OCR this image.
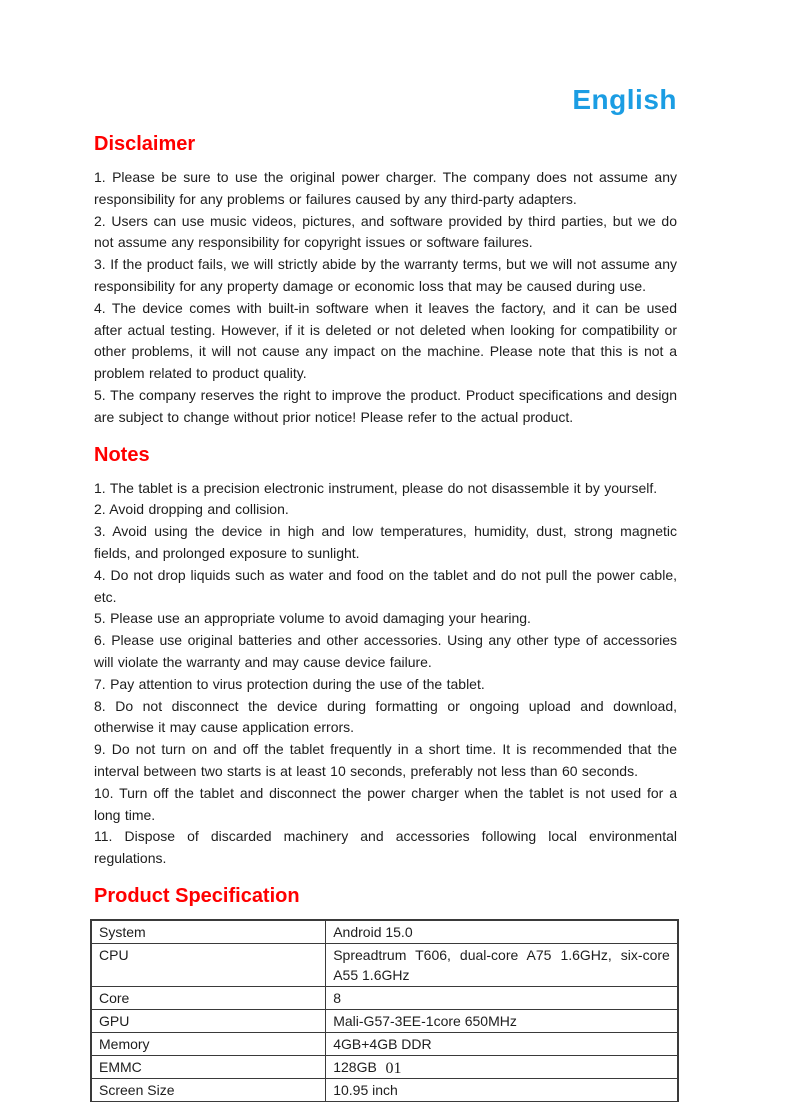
English
Disclaimer

1. Please be sure to use the original power charger. The company does not assume any responsibility for any problems or failures caused by any third-party adapters.

2. Users can use music videos, pictures, and software provided by third parties, but we do not assume any responsibility for copyright issues or software failures.

3. If the product fails, we will strictly abide by the warranty terms, but we will not assume any responsibility for any property damage or economic loss that may be caused during use.

4. The device comes with built-in software when it leaves the factory, and it can be used after actual testing. However, if it is deleted or not deleted when looking for compatibility or other problems, it will not cause any impact on the machine. Please note that this is not a problem related to product quality.

5. The company reserves the right to improve the product. Product specifications and design are subject to change without prior notice! Please refer to the actual product.

Notes

1. The tablet is a precision electronic instrument, please do not disassemble it by yourself.

2. Avoid dropping and collision.

3. Avoid using the device in high and low temperatures, humidity, dust, strong magnetic fields, and prolonged exposure to sunlight.

4. Do not drop liquids such as water and food on the tablet and do not pull the power cable, etc.

5. Please use an appropriate volume to avoid damaging your hearing.

6. Please use original batteries and other accessories. Using any other type of accessories will violate the warranty and may cause device failure.

7. Pay attention to virus protection during the use of the tablet.

8. Do not disconnect the device during formatting or ongoing upload and download, otherwise it may cause application errors.

9. Do not turn on and off the tablet frequently in a short time. It is recommended that the interval between two starts is at least 10 seconds, preferably not less than 60 seconds.

10. Turn off the tablet and disconnect the power charger when the tablet is not used for a long time.

11. Dispose of discarded machinery and accessories following local environmental regulations.

Product Specification
System	Android 15.0
CPU	Spreadtrum T606, dual-core A75 1.6GHz, six-core A55 1.6GHz
Core	8
GPU	Mali-G57-3EE-1core 650MHz
Memory	4GB+4GB DDR
EMMC	128GB
Screen Size	10.95 inch
01
